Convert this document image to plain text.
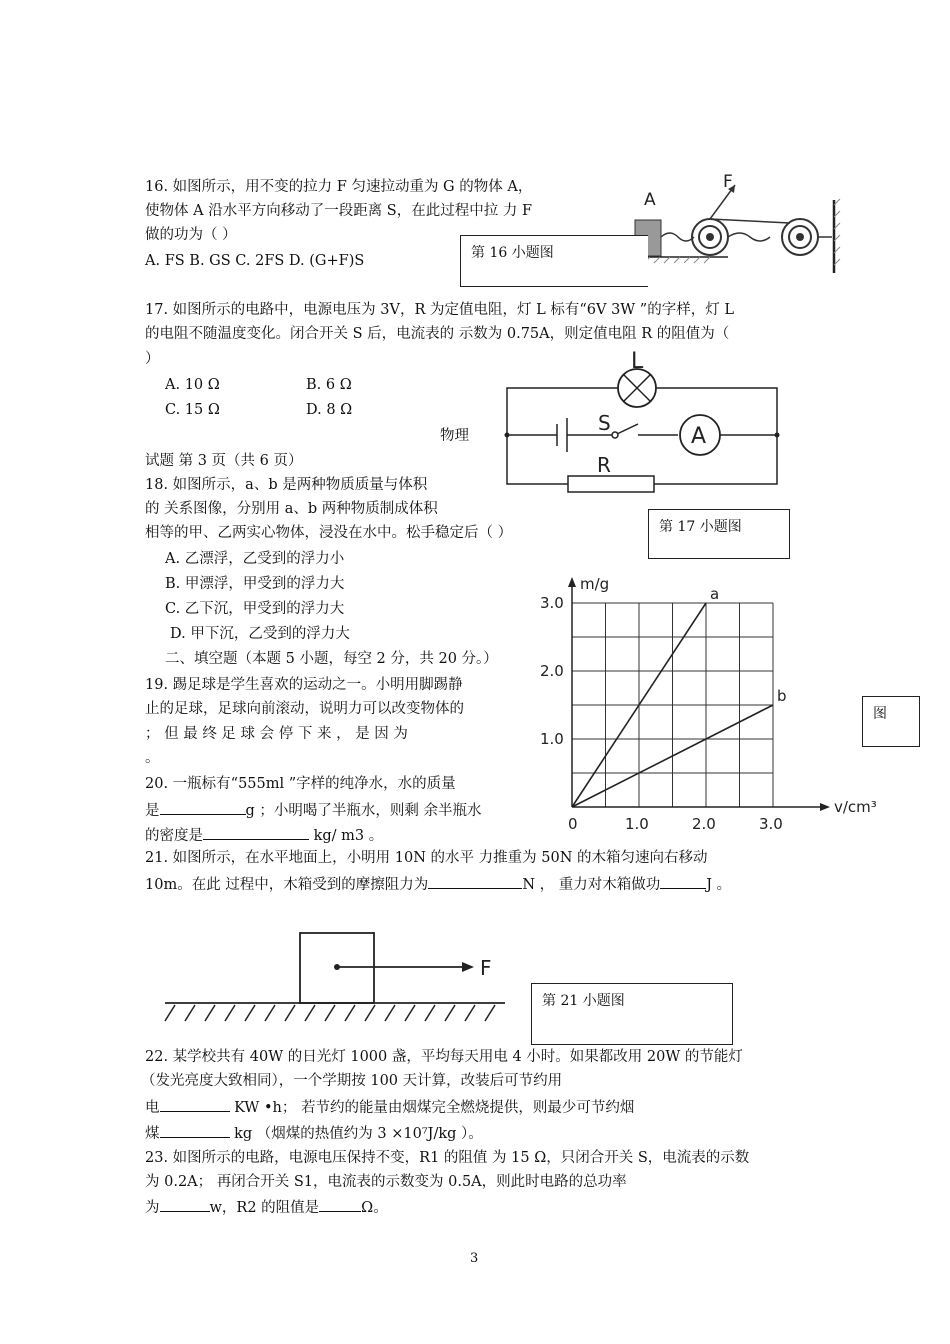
16. 如图所示，用不变的拉力 F 匀速拉动重为 G 的物体 A，
使物体 A 沿水平方向移动了一段距离 S，在此过程中拉 力 F
做的功为（ ）
A. FS B. GS C. 2FS D. (G+F)S
A
F
第 16 小题图
17. 如图所示的电路中，电源电压为 3V，R 为定值电阻，灯 L 标有“6V 3W ”的字样，灯 L
的电阻不随温度变化。闭合开关 S 后，电流表的 示数为 0.75A，则定值电阻 R 的阻值为（
）
A. 10 Ω	B. 6 Ω
C. 15 Ω	D. 8 Ω
L
S
A
R
物理
试题 第 3 页（共 6 页）
18. 如图所示，a、b 是两种物质质量与体积
的 关系图像，分别用 a、b 两种物质制成体积
相等的甲、乙两实心物体，浸没在水中。松手稳定后（ ）	第 17 小题图
A. 乙漂浮，乙受到的浮力小
B. 甲漂浮，甲受到的浮力大
C. 乙下沉，甲受到的浮力大
D. 甲下沉，乙受到的浮力大
二、填空题（本题 5 小题，每空 2 分，共 20 分。）
图
v/cm³
m/g
0	1.0	2.0	3.0
1.0
2.0
3.0	a
b
19. 踢足球是学生喜欢的运动之一。小明用脚踢静
止的足球，足球向前滚动，说明力可以改变物体的
； 但 最 终 足 球 会 停 下 来 ， 是 因 为
。
20. 一瓶标有“555ml ”字样的纯净水，水的质量
是	g ；小明喝了半瓶水，则剩 余半瓶水
的密度是	kg/ m3 。
21. 如图所示，在水平地面上，小明用 10N 的水平 力推重为 50N 的木箱匀速向右移动
10m。在此 过程中，木箱受到的摩擦阻力为	N ， 重力对木箱做功	J 。
F
第 21 小题图
22. 某学校共有 40W 的日光灯 1000 盏，平均每天用电 4 小时。如果都改用 20W 的节能灯
（发光亮度大致相同），一个学期按 100 天计算，改装后可节约用
电	KW •h； 若节约的能量由烟煤完全燃烧提供，则最少可节约烟
煤	kg （烟煤的热值约为 3 ×10⁷J/kg ）。
23. 如图所示的电路，电源电压保持不变，R1 的阻值 为 15 Ω，只闭合开关 S，电流表的示数
为 0.2A； 再闭合开关 S1，电流表的示数变为 0.5A，则此时电路的总功率
为	w，R2 的阻值是	Ω。
3
